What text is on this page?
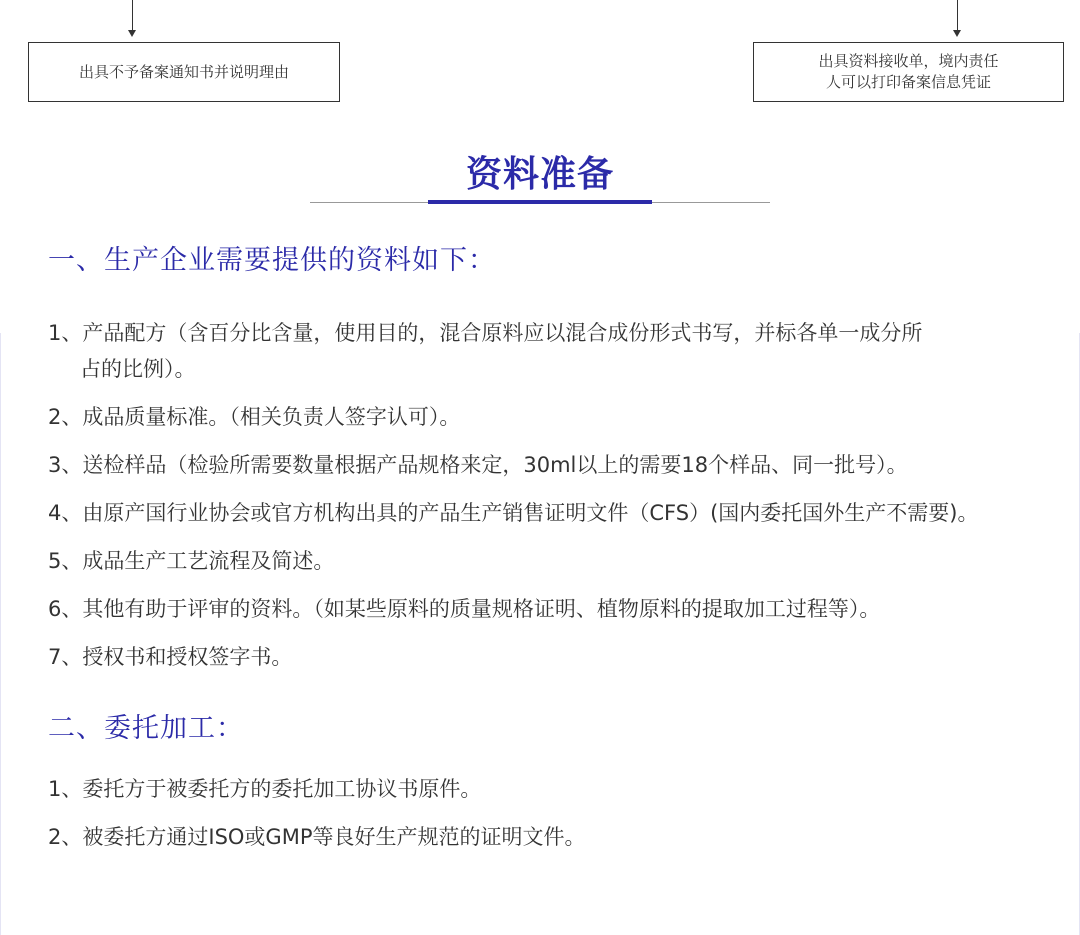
出具不予备案通知书并说明理由
出具资料接收单，境内责任
人可以打印备案信息凭证
资料准备
一、生产企业需要提供的资料如下：
1、产品配方（含百分比含量，使用目的，混合原料应以混合成份形式书写，并标各单一成分所
占的比例）。
2、成品质量标准。（相关负责人签字认可）。
3、送检样品（检验所需要数量根据产品规格来定，30ml以上的需要18个样品、同一批号）。
4、由原产国行业协会或官方机构出具的产品生产销售证明文件（CFS）(国内委托国外生产不需要)。
5、成品生产工艺流程及简述。
6、其他有助于评审的资料。（如某些原料的质量规格证明、植物原料的提取加工过程等）。
7、授权书和授权签字书。
二、委托加工：
1、委托方于被委托方的委托加工协议书原件。
2、被委托方通过ISO或GMP等良好生产规范的证明文件。
